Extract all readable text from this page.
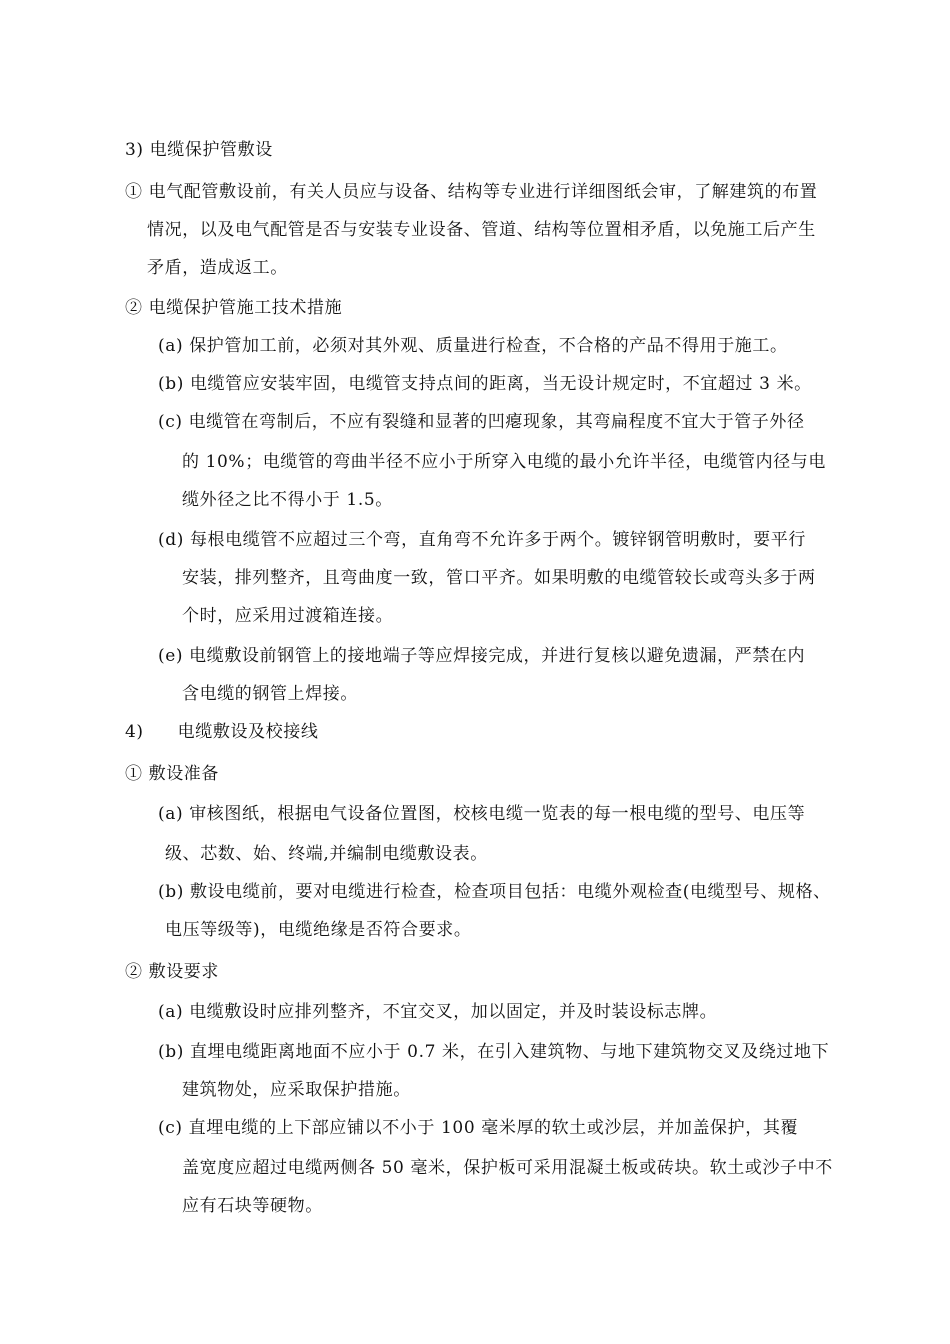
3) 电缆保护管敷设
① 电气配管敷设前，有关人员应与设备、结构等专业进行详细图纸会审，了解建筑的布置
情况，以及电气配管是否与安装专业设备、管道、结构等位置相矛盾，以免施工后产生
矛盾，造成返工。
② 电缆保护管施工技术措施
(a) 保护管加工前，必须对其外观、质量进行检查，不合格的产品不得用于施工。
(b) 电缆管应安装牢固，电缆管支持点间的距离，当无设计规定时，不宜超过 3 米。
(c) 电缆管在弯制后，不应有裂缝和显著的凹瘪现象，其弯扁程度不宜大于管子外径
的 10%；电缆管的弯曲半径不应小于所穿入电缆的最小允许半径，电缆管内径与电
缆外径之比不得小于 1.5。
(d) 每根电缆管不应超过三个弯，直角弯不允许多于两个。镀锌钢管明敷时，要平行
安装，排列整齐，且弯曲度一致，管口平齐。如果明敷的电缆管较长或弯头多于两
个时，应采用过渡箱连接。
(e) 电缆敷设前钢管上的接地端子等应焊接完成，并进行复核以避免遗漏，严禁在内
含电缆的钢管上焊接。
4) 电缆敷设及校接线
① 敷设准备
(a) 审核图纸，根据电气设备位置图，校核电缆一览表的每一根电缆的型号、电压等
级、芯数、始、终端,并编制电缆敷设表。
(b) 敷设电缆前，要对电缆进行检查，检查项目包括：电缆外观检查(电缆型号、规格、
电压等级等)，电缆绝缘是否符合要求。
② 敷设要求
(a) 电缆敷设时应排列整齐，不宜交叉，加以固定，并及时装设标志牌。
(b) 直埋电缆距离地面不应小于 0.7 米，在引入建筑物、与地下建筑物交叉及绕过地下
建筑物处，应采取保护措施。
(c) 直埋电缆的上下部应铺以不小于 100 毫米厚的软土或沙层，并加盖保护，其覆
盖宽度应超过电缆两侧各 50 毫米，保护板可采用混凝土板或砖块。软土或沙子中不
应有石块等硬物。
